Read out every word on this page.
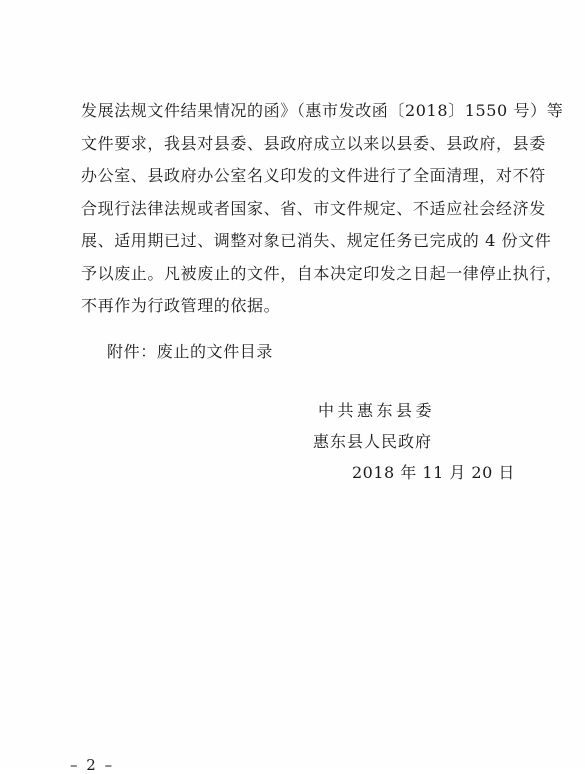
发展法规文件结果情况的函》（惠市发改函〔2018〕1550 号）等
文件要求，我县对县委、县政府成立以来以县委、县政府，县委
办公室、县政府办公室名义印发的文件进行了全面清理，对不符
合现行法律法规或者国家、省、市文件规定、不适应社会经济发
展、适用期已过、调整对象已消失、规定任务已完成的 4 份文件
予以废止。凡被废止的文件，自本决定印发之日起一律停止执行，
不再作为行政管理的依据。
附件：废止的文件目录
中共惠东县委
惠东县人民政府
2018 年 11 月 20 日
– 2 –
